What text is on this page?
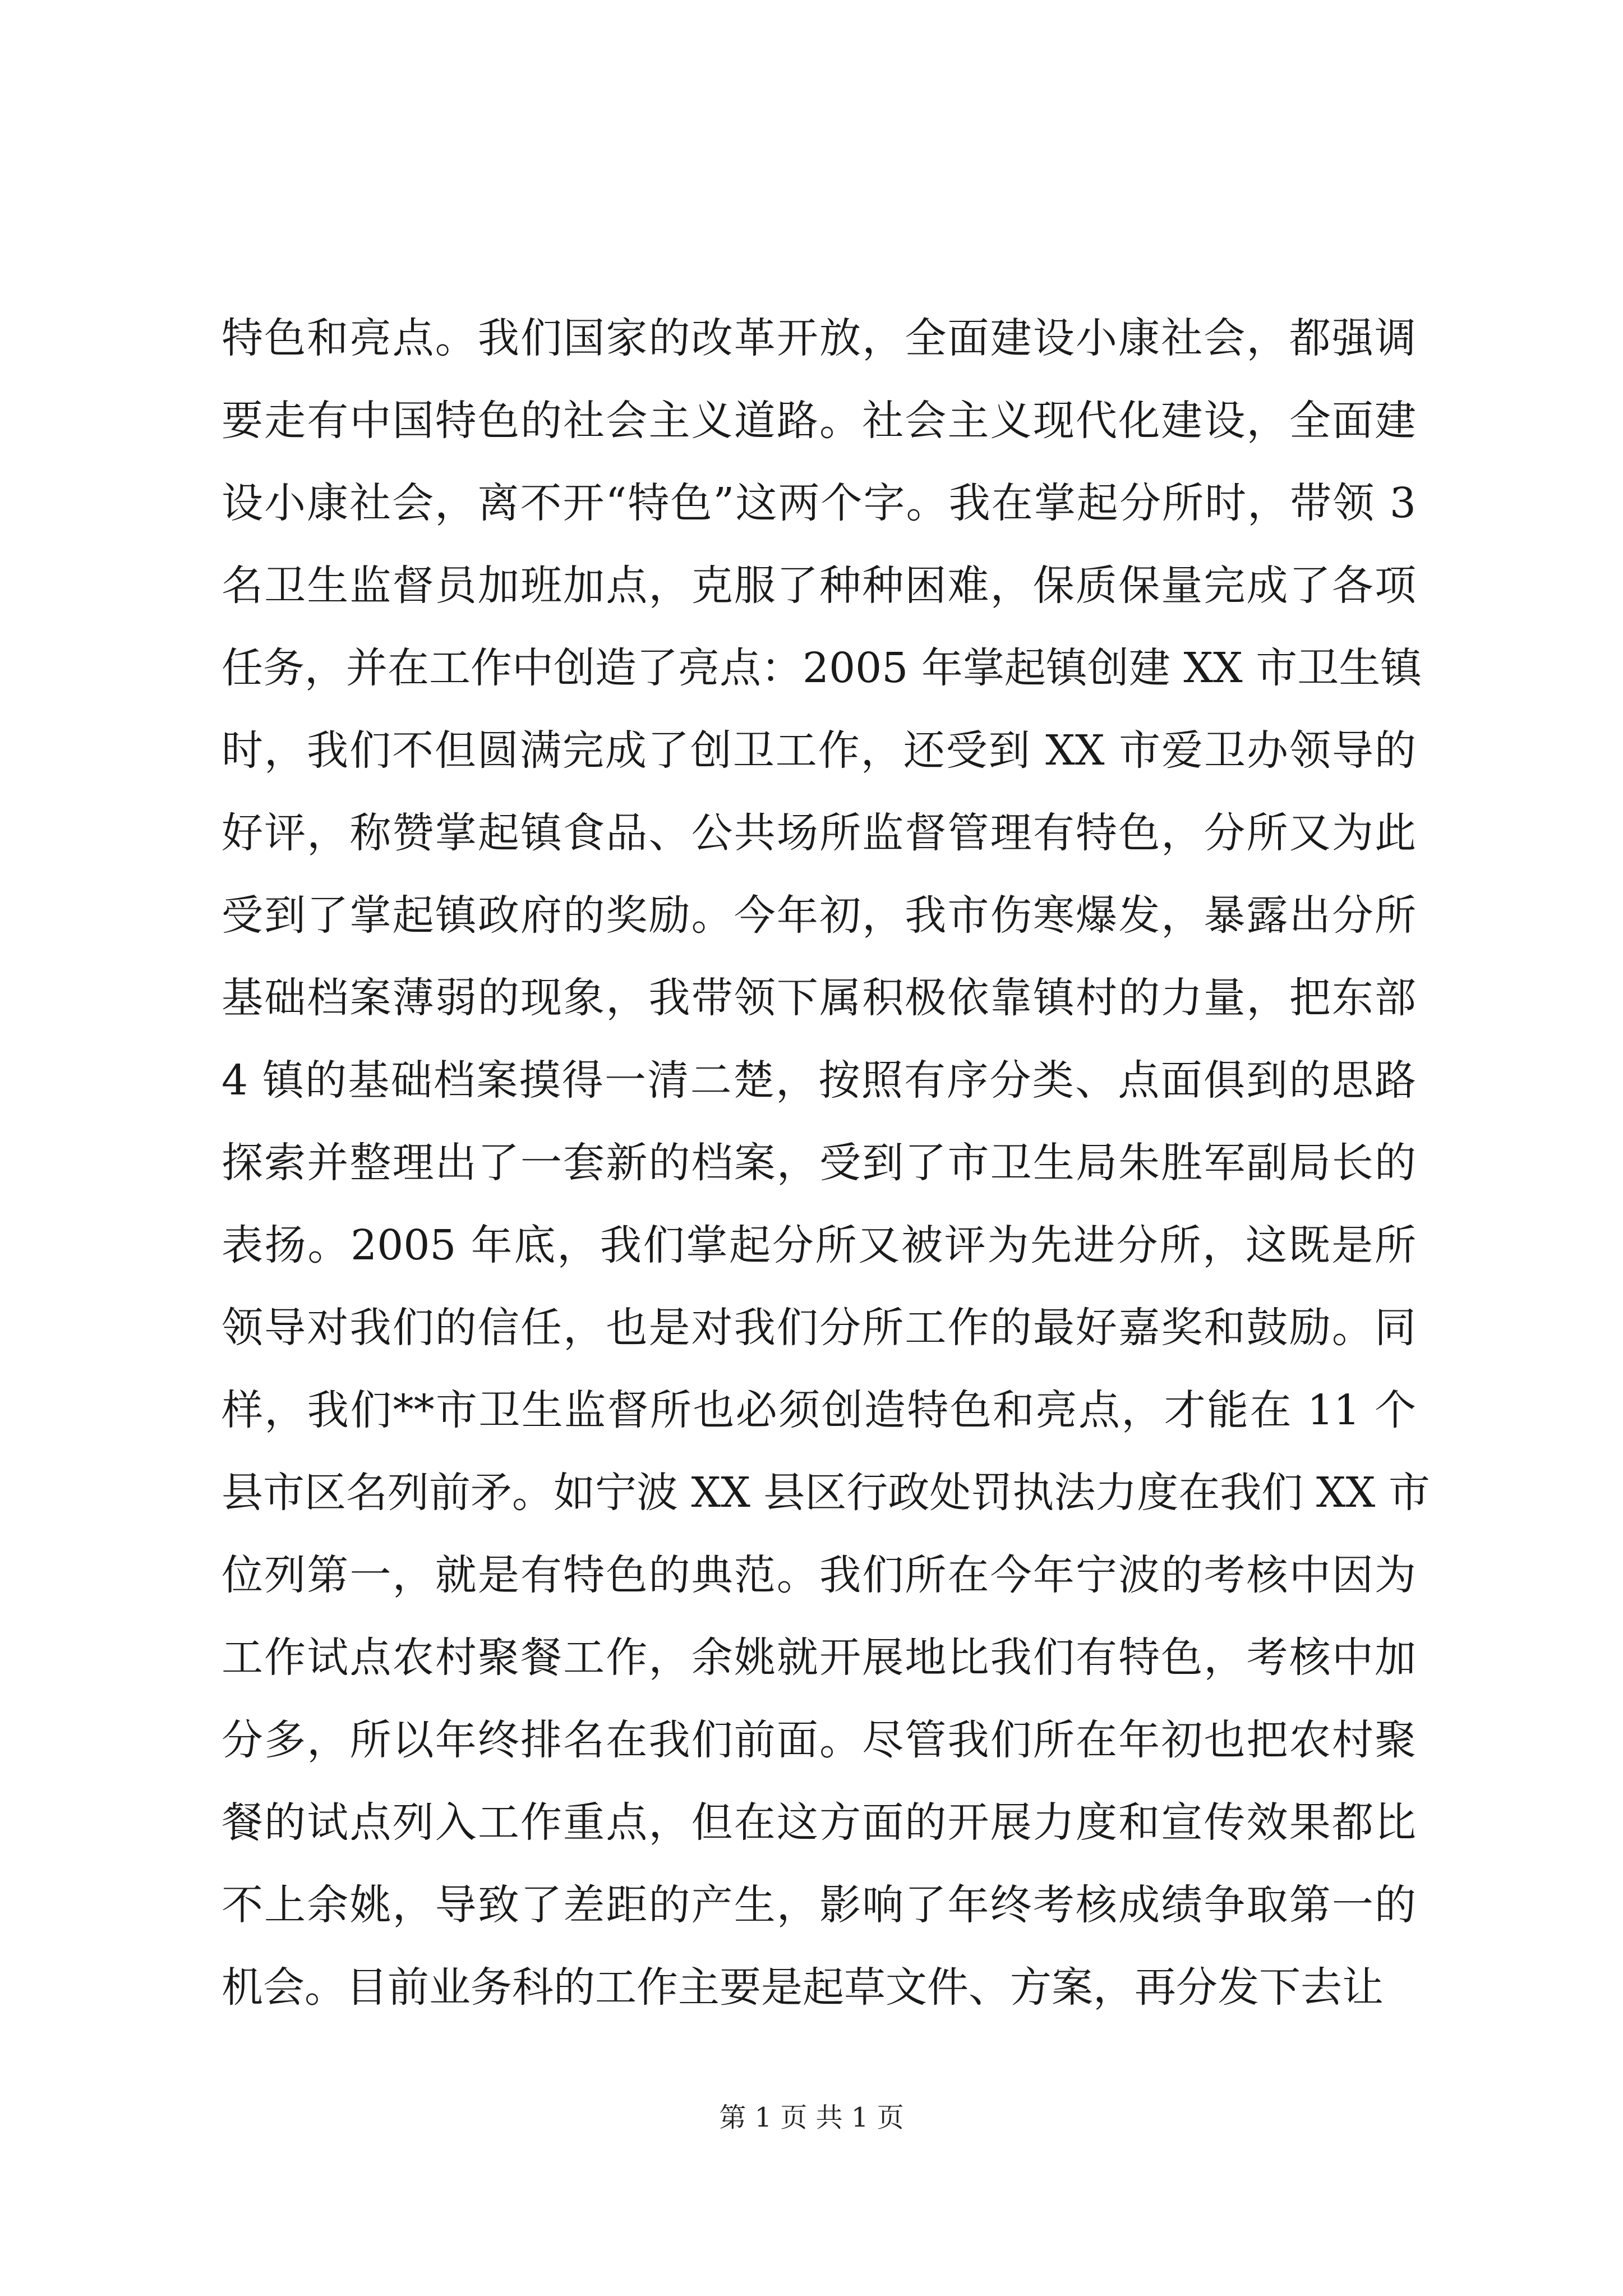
特色和亮点。我们国家的改革开放，全面建设小康社会，都强调
要走有中国特色的社会主义道路。社会主义现代化建设，全面建
设小康社会，离不开“特色”这两个字。我在掌起分所时，带领 3
名卫生监督员加班加点，克服了种种困难，保质保量完成了各项
任务，并在工作中创造了亮点：2005 年掌起镇创建 XX 市卫生镇
时，我们不但圆满完成了创卫工作，还受到 XX 市爱卫办领导的
好评，称赞掌起镇食品、公共场所监督管理有特色，分所又为此
受到了掌起镇政府的奖励。今年初，我市伤寒爆发，暴露出分所
基础档案薄弱的现象，我带领下属积极依靠镇村的力量，把东部
4 镇的基础档案摸得一清二楚，按照有序分类、点面俱到的思路
探索并整理出了一套新的档案，受到了市卫生局朱胜军副局长的
表扬。2005 年底，我们掌起分所又被评为先进分所，这既是所
领导对我们的信任，也是对我们分所工作的最好嘉奖和鼓励。同
样，我们**市卫生监督所也必须创造特色和亮点，才能在 11 个
县市区名列前矛。如宁波 XX 县区行政处罚执法力度在我们 XX 市
位列第一，就是有特色的典范。我们所在今年宁波的考核中因为
工作试点农村聚餐工作，余姚就开展地比我们有特色，考核中加
分多，所以年终排名在我们前面。尽管我们所在年初也把农村聚
餐的试点列入工作重点，但在这方面的开展力度和宣传效果都比
不上余姚，导致了差距的产生，影响了年终考核成绩争取第一的
机会。目前业务科的工作主要是起草文件、方案，再分发下去让
第 1 页 共 1 页
